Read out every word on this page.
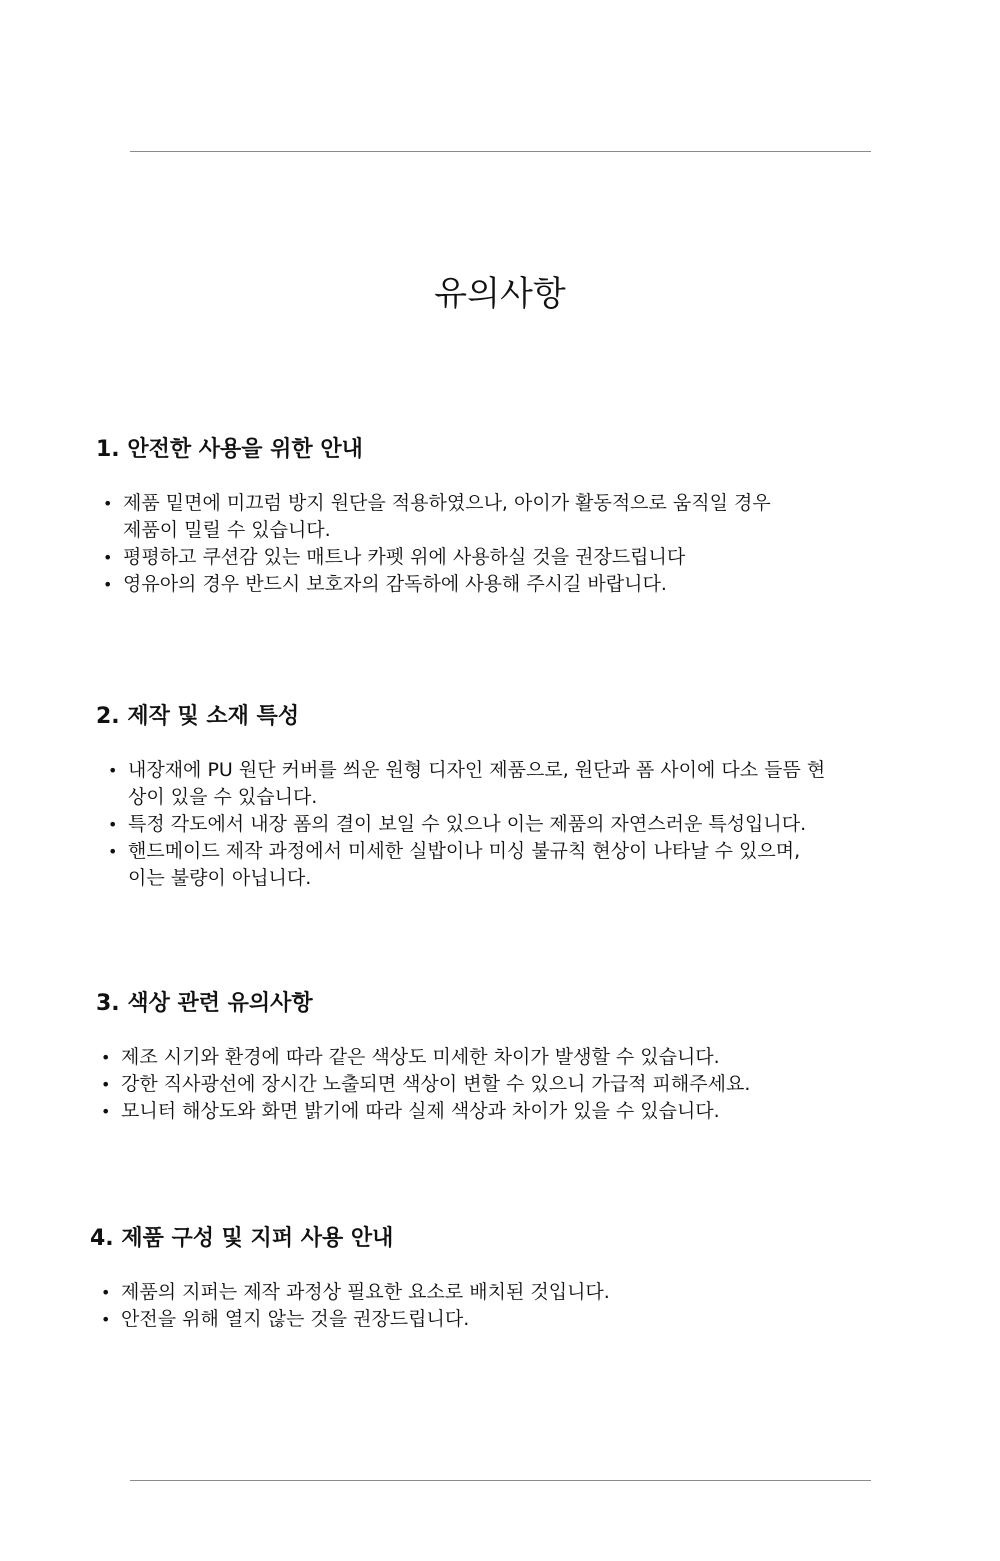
유의사항
1. 안전한 사용을 위한 안내
• 제품 밑면에 미끄럼 방지 원단을 적용하였으나, 아이가 활동적으로 움직일 경우
제품이 밀릴 수 있습니다.
• 평평하고 쿠션감 있는 매트나 카펫 위에 사용하실 것을 권장드립니다
• 영유아의 경우 반드시 보호자의 감독하에 사용해 주시길 바랍니다.
2. 제작 및 소재 특성
• 내장재에 PU 원단 커버를 씌운 원형 디자인 제품으로, 원단과 폼 사이에 다소 들뜸 현
상이 있을 수 있습니다.
• 특정 각도에서 내장 폼의 결이 보일 수 있으나 이는 제품의 자연스러운 특성입니다.
• 핸드메이드 제작 과정에서 미세한 실밥이나 미싱 불규칙 현상이 나타날 수 있으며,
이는 불량이 아닙니다.
3. 색상 관련 유의사항
• 제조 시기와 환경에 따라 같은 색상도 미세한 차이가 발생할 수 있습니다.
• 강한 직사광선에 장시간 노출되면 색상이 변할 수 있으니 가급적 피해주세요.
• 모니터 해상도와 화면 밝기에 따라 실제 색상과 차이가 있을 수 있습니다.
4. 제품 구성 및 지퍼 사용 안내
• 제품의 지퍼는 제작 과정상 필요한 요소로 배치된 것입니다.
• 안전을 위해 열지 않는 것을 권장드립니다.
